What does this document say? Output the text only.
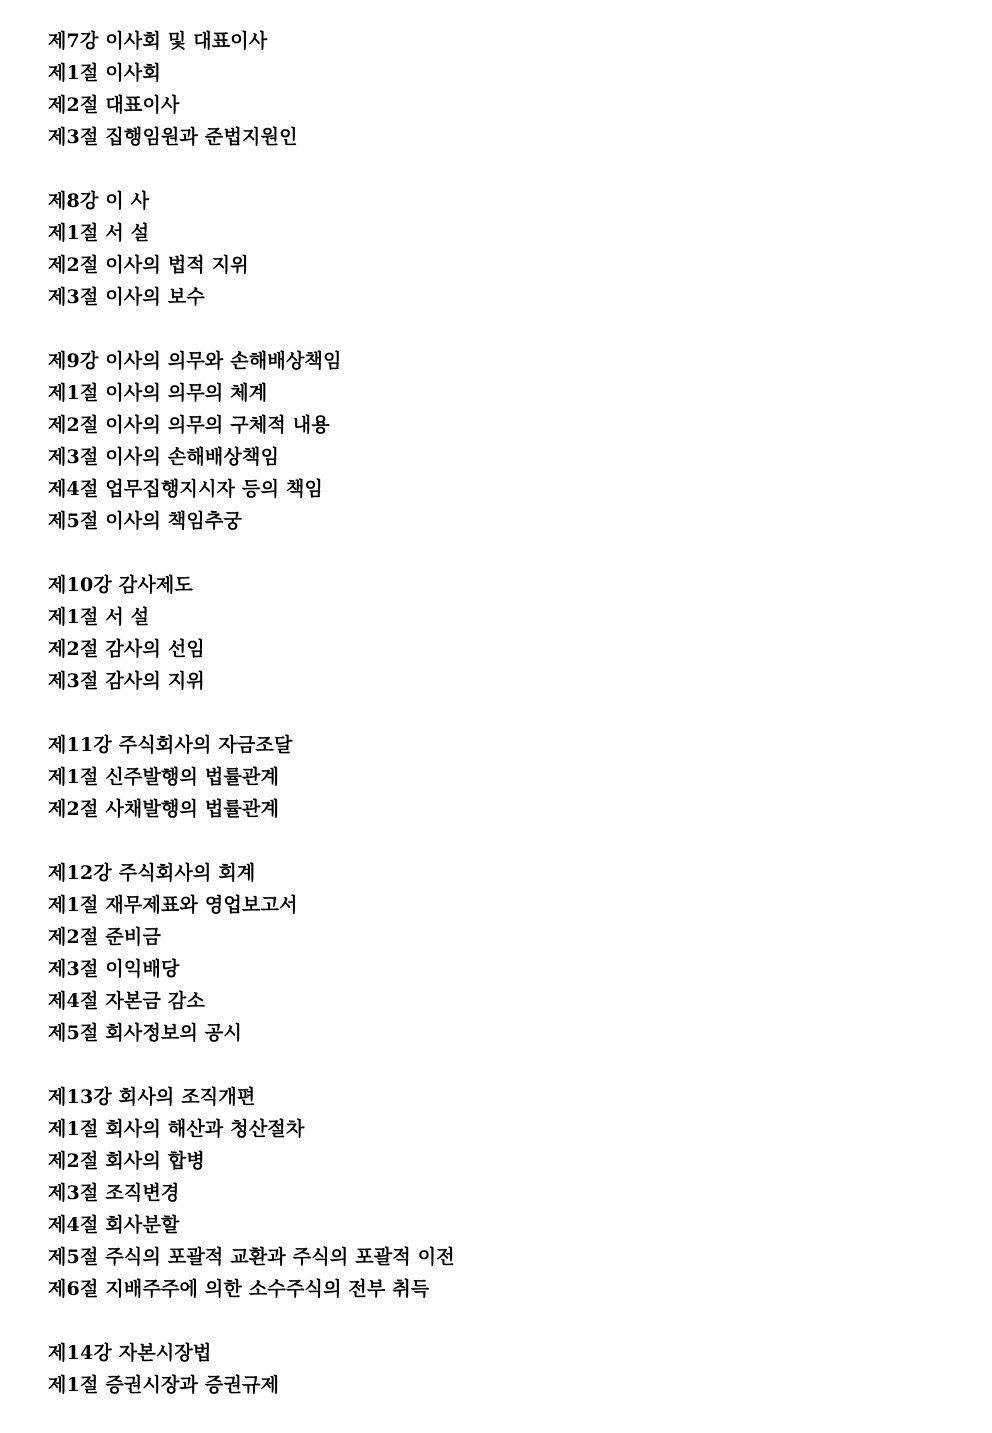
제7강 이사회 및 대표이사
제1절 이사회
제2절 대표이사
제3절 집행임원과 준법지원인
제8강 이 사
제1절 서 설
제2절 이사의 법적 지위
제3절 이사의 보수
제9강 이사의 의무와 손해배상책임
제1절 이사의 의무의 체계
제2절 이사의 의무의 구체적 내용
제3절 이사의 손해배상책임
제4절 업무집행지시자 등의 책임
제5절 이사의 책임추궁
제10강 감사제도
제1절 서 설
제2절 감사의 선임
제3절 감사의 지위
제11강 주식회사의 자금조달
제1절 신주발행의 법률관계
제2절 사채발행의 법률관계
제12강 주식회사의 회계
제1절 재무제표와 영업보고서
제2절 준비금
제3절 이익배당
제4절 자본금 감소
제5절 회사정보의 공시
제13강 회사의 조직개편
제1절 회사의 해산과 청산절차
제2절 회사의 합병
제3절 조직변경
제4절 회사분할
제5절 주식의 포괄적 교환과 주식의 포괄적 이전
제6절 지배주주에 의한 소수주식의 전부 취득
제14강 자본시장법
제1절 증권시장과 증권규제
